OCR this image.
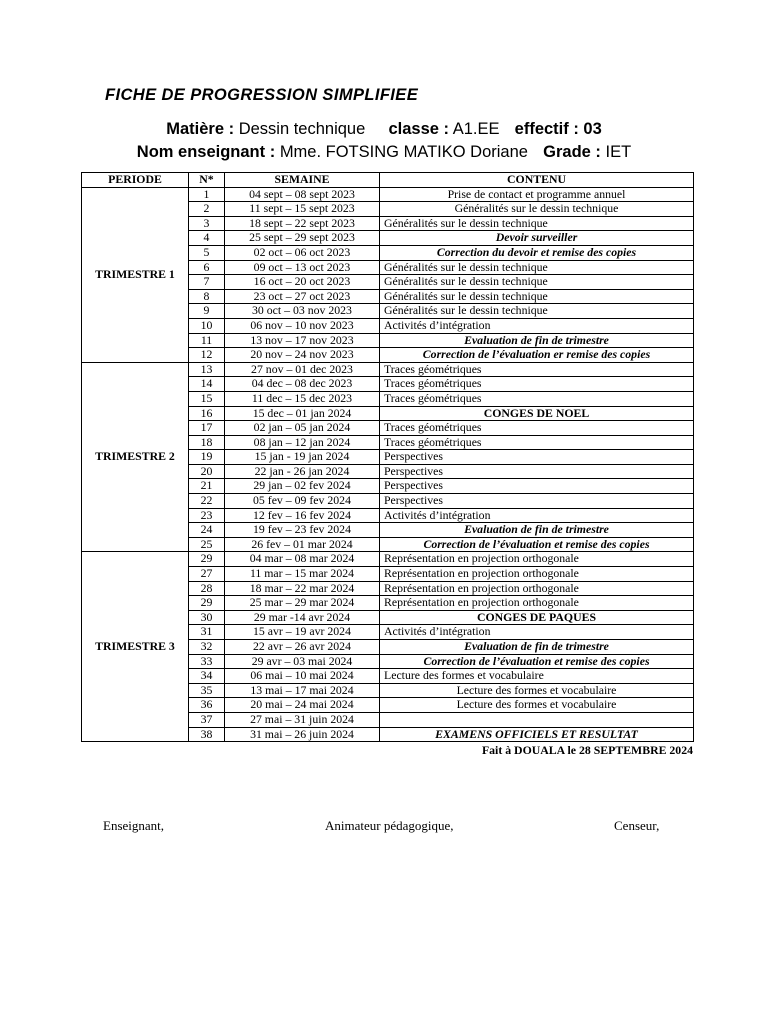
FICHE DE PROGRESSION SIMPLIFIEE
Matière : Dessin technique classe : A1.EE effectif : 03
Nom enseignant : Mme. FOTSING MATIKO Doriane Grade : IET
PERIODE	N*	SEMAINE	CONTENU
TRIMESTRE 1	1	04 sept – 08 sept 2023	Prise de contact et programme annuel
	2	11 sept – 15 sept 2023	Généralités sur le dessin technique
	3	18 sept – 22 sept 2023	Généralités sur le dessin technique
	4	25 sept – 29 sept 2023	Devoir surveiller
	5	02 oct – 06 oct 2023	Correction du devoir et remise des copies
	6	09 oct – 13 oct 2023	Généralités sur le dessin technique
	7	16 oct – 20 oct 2023	Généralités sur le dessin technique
	8	23 oct – 27 oct 2023	Généralités sur le dessin technique
	9	30 oct – 03 nov 2023	Généralités sur le dessin technique
	10	06 nov – 10 nov 2023	Activités d’intégration
	11	13 nov – 17 nov 2023	Evaluation de fin de trimestre
	12	20 nov – 24 nov 2023	Correction de l’évaluation er remise des copies
TRIMESTRE 2	13	27 nov – 01 dec 2023	Traces géométriques
	14	04 dec – 08 dec 2023	Traces géométriques
	15	11 dec – 15 dec 2023	Traces géométriques
	16	15 dec – 01 jan 2024	CONGES DE NOEL
	17	02 jan – 05 jan 2024	Traces géométriques
	18	08 jan – 12 jan 2024	Traces géométriques
	19	15 jan - 19 jan 2024	Perspectives
	20	22 jan - 26 jan 2024	Perspectives
	21	29 jan – 02 fev 2024	Perspectives
	22	05 fev – 09 fev 2024	Perspectives
	23	12 fev – 16 fev 2024	Activités d’intégration
	24	19 fev – 23 fev 2024	Evaluation de fin de trimestre
	25	26 fev – 01 mar 2024	Correction de l’évaluation et remise des copies
TRIMESTRE 3	29	04 mar – 08 mar 2024	Représentation en projection orthogonale
	27	11 mar – 15 mar 2024	Représentation en projection orthogonale
	28	18 mar – 22 mar 2024	Représentation en projection orthogonale
	29	25 mar – 29 mar 2024	Représentation en projection orthogonale
	30	29 mar -14 avr 2024	CONGES DE PAQUES
	31	15 avr – 19 avr 2024	Activités d’intégration
	32	22 avr – 26 avr 2024	Evaluation de fin de trimestre
	33	29 avr – 03 mai 2024	Correction de l’évaluation et remise des copies
	34	06 mai – 10 mai 2024	Lecture des formes et vocabulaire
	35	13 mai – 17 mai 2024	Lecture des formes et vocabulaire
	36	20 mai – 24 mai 2024	Lecture des formes et vocabulaire
	37	27 mai – 31 juin 2024	
	38	31 mai – 26 juin 2024	EXAMENS OFFICIELS ET RESULTAT
Fait à DOUALA le 28 SEPTEMBRE 2024
Enseignant,	Animateur pédagogique,	Censeur,
